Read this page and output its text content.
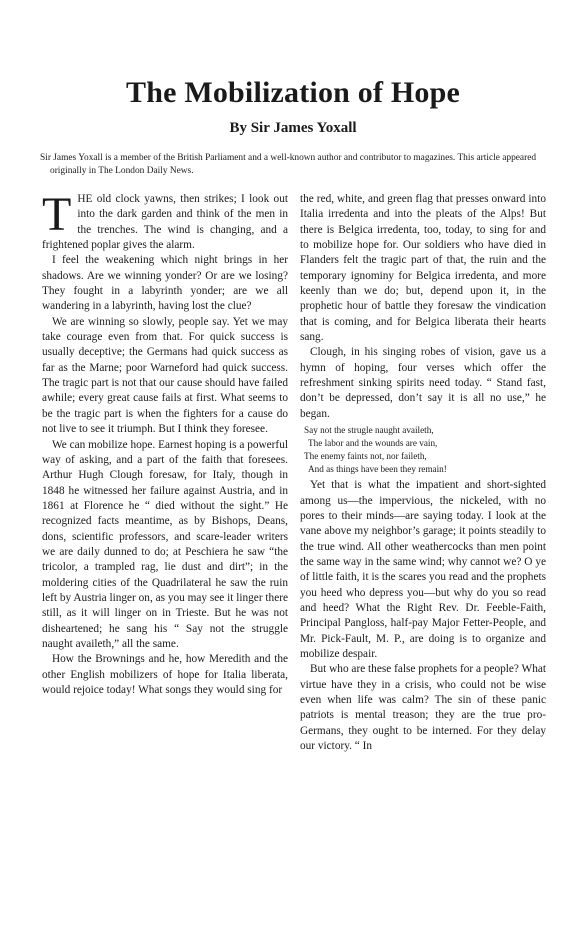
The Mobilization of Hope
By Sir James Yoxall
Sir James Yoxall is a member of the British Parliament and a well-known author and contributor to magazines. This article appeared originally in The London Daily News.

THE old clock yawns, then strikes; I look out into the dark garden and think of the men in the trenches. The wind is changing, and a frightened poplar gives the alarm.

I feel the weakening which night brings in her shadows. Are we winning yonder? Or are we losing? They fought in a labyrinth yonder; are we all wandering in a labyrinth, having lost the clue?

We are winning so slowly, people say. Yet we may take courage even from that. For quick success is usually deceptive; the Germans had quick success as far as the Marne; poor Warneford had quick success. The tragic part is not that our cause should have failed awhile; every great cause fails at first. What seems to be the tragic part is when the fighters for a cause do not live to see it triumph. But I think they foresee.

We can mobilize hope. Earnest hoping is a powerful way of asking, and a part of the faith that foresees. Arthur Hugh Clough foresaw, for Italy, though in 1848 he witnessed her failure against Austria, and in 1861 at Florence he “ died without the sight.” He recognized facts meantime, as by Bishops, Deans, dons, scientific professors, and scare-leader writers we are daily dunned to do; at Peschiera he saw “the tricolor, a trampled rag, lie dust and dirt”; in the moldering cities of the Quadrilateral he saw the ruin left by Austria linger on, as you may see it linger there still, as it will linger on in Trieste. But he was not disheartened; he sang his “ Say not the struggle naught availeth,” all the same.

How the Brownings and he, how Meredith and the other English mobilizers of hope for Italia liberata, would rejoice today! What songs they would sing for

the red, white, and green flag that presses onward into Italia irredenta and into the pleats of the Alps! But there is Belgica irredenta, too, today, to sing for and to mobilize hope for. Our soldiers who have died in Flanders felt the tragic part of that, the ruin and the temporary ignominy for Belgica irredenta, and more keenly than we do; but, depend upon it, in the prophetic hour of battle they foresaw the vindication that is coming, and for Belgica liberata their hearts sang.

Clough, in his singing robes of vision, gave us a hymn of hoping, four verses which offer the refreshment sinking spirits need today. “ Stand fast, don’t be depressed, don’t say it is all no use,” he began.

Say not the strugle naught availeth,
The labor and the wounds are vain,
The enemy faints not, nor faileth,
And as things have been they remain!

Yet that is what the impatient and short-sighted among us—the impervious, the nickeled, with no pores to their minds—are saying today. I look at the vane above my neighbor’s garage; it points steadily to the true wind. All other weathercocks than men point the same way in the same wind; why cannot we? O ye of little faith, it is the scares you read and the prophets you heed who depress you—but why do you so read and heed? What the Right Rev. Dr. Feeble-Faith, Principal Pangloss, half-pay Major Fetter-People, and Mr. Pick-Fault, M. P., are doing is to organize and mobilize despair.

But who are these false prophets for a people? What virtue have they in a crisis, who could not be wise even when life was calm? The sin of these panic patriots is mental treason; they are the true pro-Germans, they ought to be interned. For they delay our victory. “ In
